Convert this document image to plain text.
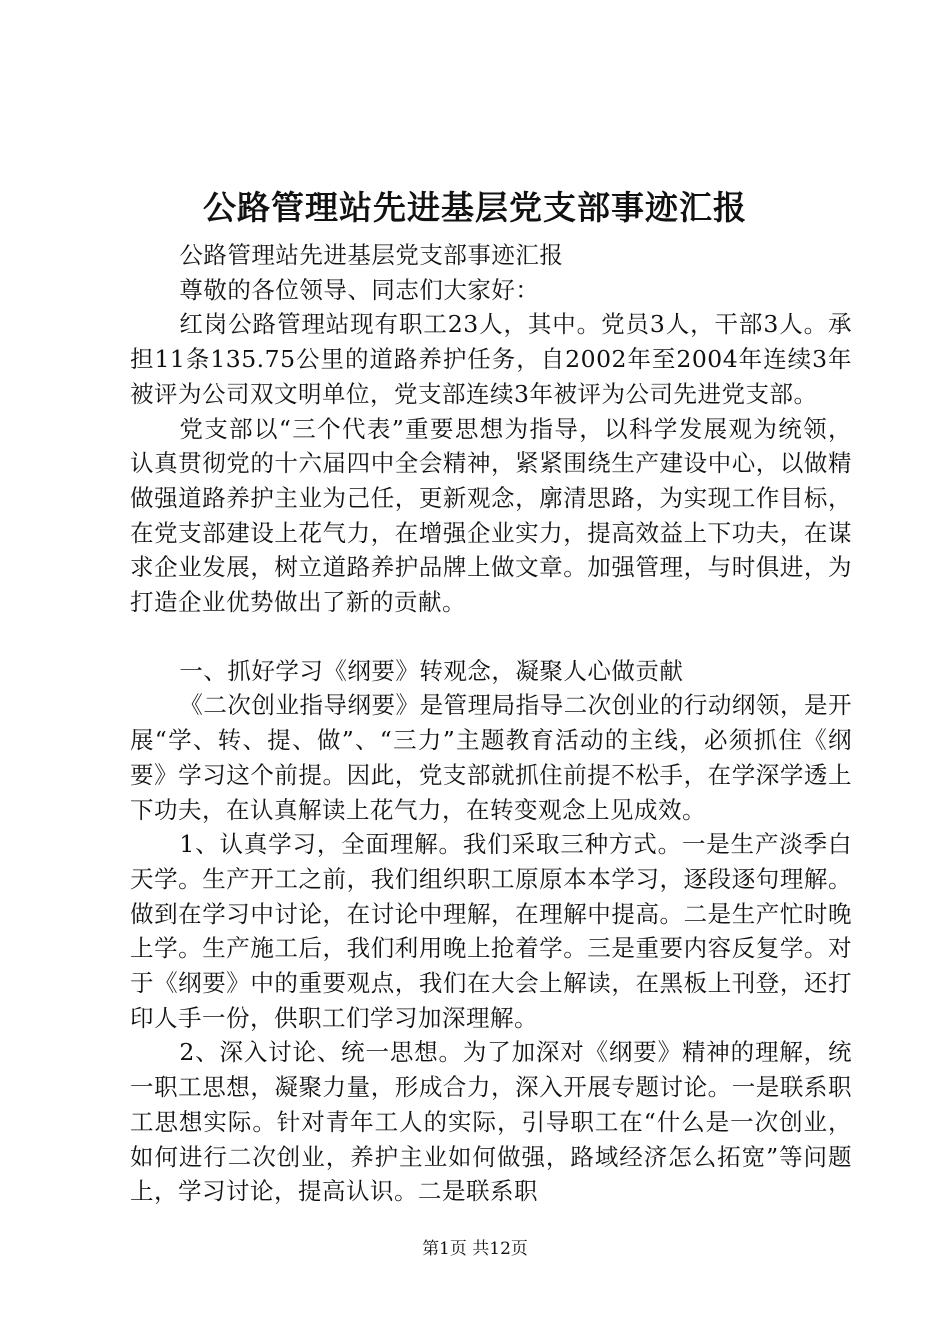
公路管理站先进基层党支部事迹汇报

公路管理站先进基层党支部事迹汇报

尊敬的各位领导、同志们大家好：

红岗公路管理站现有职工23人，其中。党员3人，干部3人。承担11条135.75公里的道路养护任务，自2002年至2004年连续3年被评为公司双文明单位，党支部连续3年被评为公司先进党支部。

党支部以“三个代表”重要思想为指导，以科学发展观为统领，认真贯彻党的十六届四中全会精神，紧紧围绕生产建设中心，以做精做强道路养护主业为己任，更新观念，廓清思路，为实现工作目标，在党支部建设上花气力，在增强企业实力，提高效益上下功夫，在谋求企业发展，树立道路养护品牌上做文章。加强管理，与时俱进，为打造企业优势做出了新的贡献。

一、抓好学习《纲要》转观念，凝聚人心做贡献

《二次创业指导纲要》是管理局指导二次创业的行动纲领，是开展“学、转、提、做”、“三力”主题教育活动的主线，必须抓住《纲要》学习这个前提。因此，党支部就抓住前提不松手，在学深学透上下功夫，在认真解读上花气力，在转变观念上见成效。

1、认真学习，全面理解。我们采取三种方式。一是生产淡季白天学。生产开工之前，我们组织职工原原本本学习，逐段逐句理解。做到在学习中讨论，在讨论中理解，在理解中提高。二是生产忙时晚上学。生产施工后，我们利用晚上抢着学。三是重要内容反复学。对于《纲要》中的重要观点，我们在大会上解读，在黑板上刊登，还打印人手一份，供职工们学习加深理解。

2、深入讨论、统一思想。为了加深对《纲要》精神的理解，统一职工思想，凝聚力量，形成合力，深入开展专题讨论。一是联系职工思想实际。针对青年工人的实际，引导职工在“什么是一次创业，如何进行二次创业，养护主业如何做强，路域经济怎么拓宽”等问题上，学习讨论，提高认识。二是联系职

第1页 共12页
